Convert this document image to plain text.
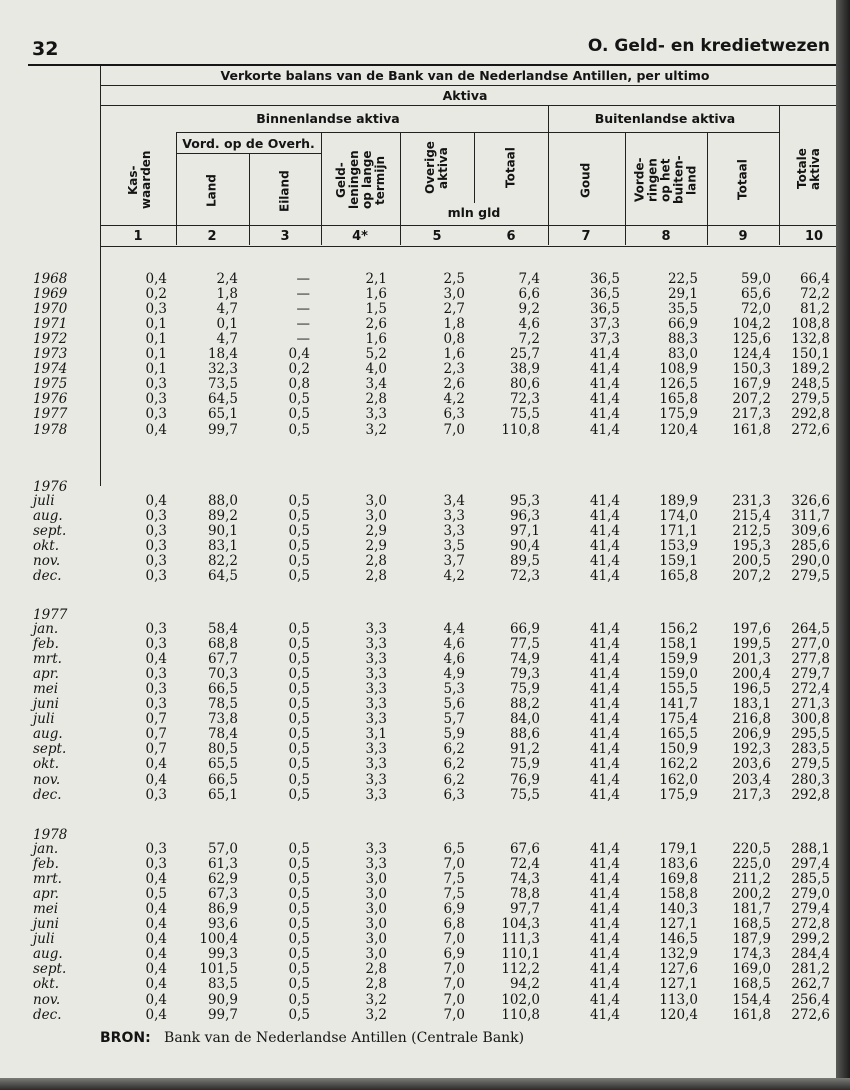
32	O. Geld- en kredietwezen
Verkorte balans van de Bank van de Nederlandse Antillen, per ultimo
Aktiva
Binnenlandse aktiva	Buitenlandse aktiva
Vord. op de Overh.
Kas-
waarden	Land	Eiland	Geld-
leningen
op lange
termijn	Overige
aktiva
mln gld
Totaal	Goud	Vorde-
ringen
op het
buiten-
land	Totaal	Totale
aktiva
1	2	3	4*	5	6	7	8	9	10
1968	0,4	2,4	—	2,1	2,5	7,4	36,5	22,5	59,0 66,4
1969	0,2	1,8	—	1,6	3,0	6,6	36,5	29,1	65,6 72,2
1970	0,3	4,7	—	1,5	2,7	9,2	36,5	35,5	72,0 81,2
1971	0,1	0,1	—	2,6	1,8	4,6	37,3	66,9	104,2 108,8
1972	0,1	4,7	—	1,6	0,8	7,2	37,3	88,3	125,6 132,8
1973	0,1	18,4	0,4	5,2	1,6	25,7	41,4	83,0	124,4 150,1
1974	0,1	32,3	0,2	4,0	2,3	38,9	41,4	108,9	150,3 189,2
1975	0,3	73,5	0,8	3,4	2,6	80,6	41,4	126,5	167,9 248,5
1976	0,3	64,5	0,5	2,8	4,2	72,3	41,4	165,8	207,2 279,5
1977	0,3	65,1	0,5	3,3	6,3	75,5	41,4	175,9	217,3 292,8
1978	0,4	99,7	0,5	3,2	7,0	110,8	41,4	120,4	161,8 272,6
1976
juli	0,4	88,0	0,5	3,0	3,4	95,3	41,4	189,9	231,3 326,6
aug.	0,3	89,2	0,5	3,0	3,3	96,3	41,4	174,0	215,4 311,7
sept.	0,3	90,1	0,5	2,9	3,3	97,1	41,4	171,1	212,5 309,6
okt.	0,3	83,1	0,5	2,9	3,5	90,4	41,4	153,9	195,3 285,6
nov.	0,3	82,2	0,5	2,8	3,7	89,5	41,4	159,1	200,5 290,0
dec.	0,3	64,5	0,5	2,8	4,2	72,3	41,4	165,8	207,2 279,5
1977
jan.	0,3	58,4	0,5	3,3	4,4	66,9	41,4	156,2	197,6 264,5
feb.	0,3	68,8	0,5	3,3	4,6	77,5	41,4	158,1	199,5 277,0
mrt.	0,4	67,7	0,5	3,3	4,6	74,9	41,4	159,9	201,3 277,8
apr.	0,3	70,3	0,5	3,3	4,9	79,3	41,4	159,0	200,4 279,7
mei	0,3	66,5	0,5	3,3	5,3	75,9	41,4	155,5	196,5 272,4
juni	0,3	78,5	0,5	3,3	5,6	88,2	41,4	141,7	183,1 271,3
juli	0,7	73,8	0,5	3,3	5,7	84,0	41,4	175,4	216,8 300,8
aug.	0,7	78,4	0,5	3,1	5,9	88,6	41,4	165,5	206,9 295,5
sept.	0,7	80,5	0,5	3,3	6,2	91,2	41,4	150,9	192,3 283,5
okt.	0,4	65,5	0,5	3,3	6,2	75,9	41,4	162,2	203,6 279,5
nov.	0,4	66,5	0,5	3,3	6,2	76,9	41,4	162,0	203,4 280,3
dec.	0,3	65,1	0,5	3,3	6,3	75,5	41,4	175,9	217,3 292,8
1978
jan.	0,3	57,0	0,5	3,3	6,5	67,6	41,4	179,1	220,5 288,1
feb.	0,3	61,3	0,5	3,3	7,0	72,4	41,4	183,6	225,0 297,4
mrt.	0,4	62,9	0,5	3,0	7,5	74,3	41,4	169,8	211,2 285,5
apr.	0,5	67,3	0,5	3,0	7,5	78,8	41,4	158,8	200,2 279,0
mei	0,4	86,9	0,5	3,0	6,9	97,7	41,4	140,3	181,7 279,4
juni	0,4	93,6	0,5	3,0	6,8	104,3	41,4	127,1	168,5 272,8
juli	0,4 100,4	0,5	3,0	7,0	111,3	41,4	146,5	187,9 299,2
aug.	0,4	99,3	0,5	3,0	6,9	110,1	41,4	132,9	174,3 284,4
sept.	0,4 101,5	0,5	2,8	7,0	112,2	41,4	127,6	169,0 281,2
okt.	0,4	83,5	0,5	2,8	7,0	94,2	41,4	127,1	168,5 262,7
nov.	0,4	90,9	0,5	3,2	7,0	102,0	41,4	113,0	154,4 256,4
dec.	0,4	99,7	0,5	3,2	7,0	110,8	41,4	120,4	161,8 272,6
BRON: Bank van de Nederlandse Antillen (Centrale Bank)
